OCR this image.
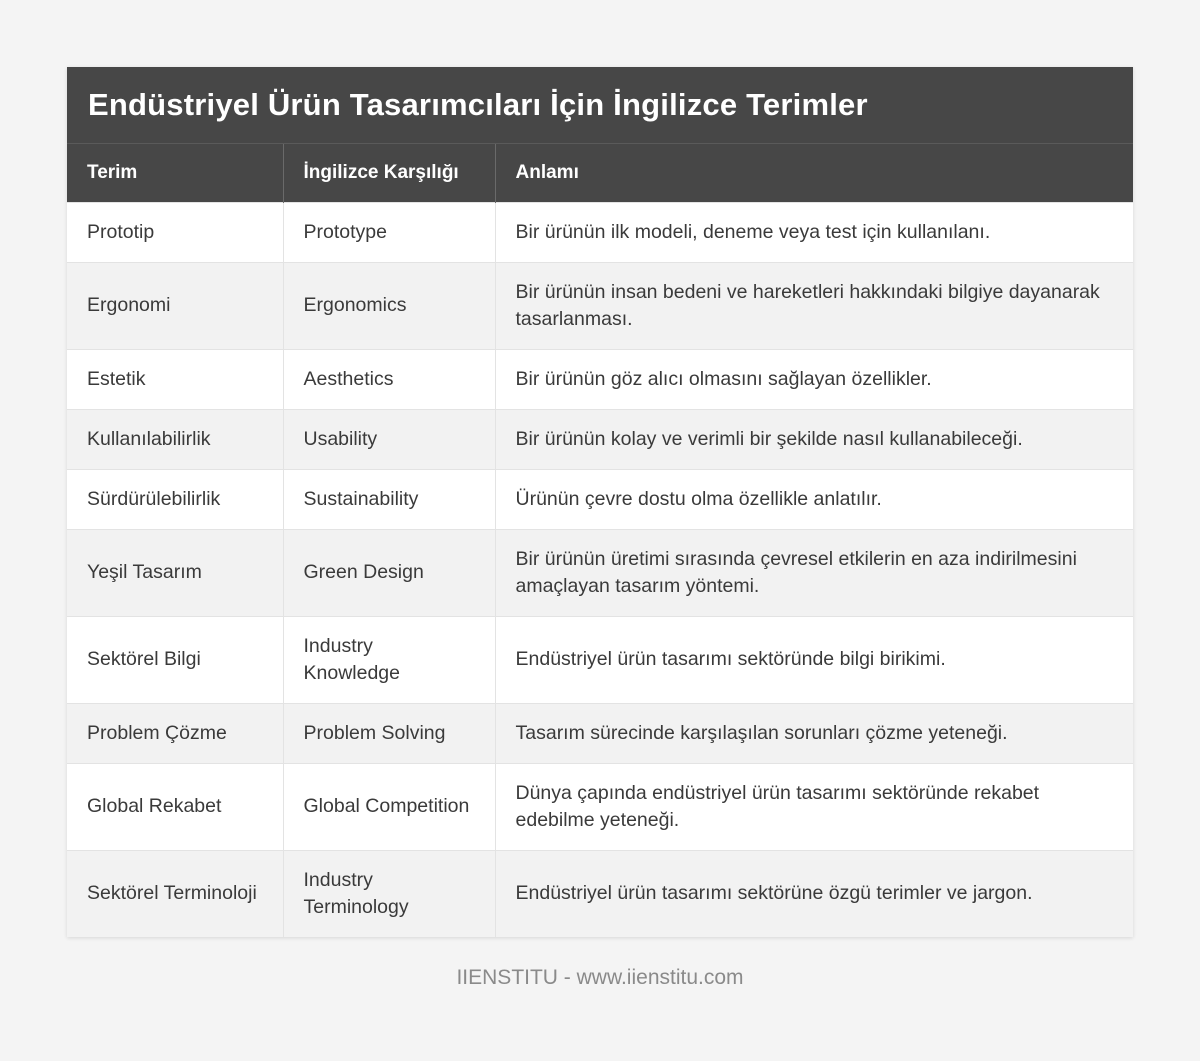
Endüstriyel Ürün Tasarımcıları İçin İngilizce Terimler
Terim	İngilizce Karşılığı	Anlamı
Prototip	Prototype	Bir ürünün ilk modeli, deneme veya test için kullanılanı.
Ergonomi	Ergonomics	Bir ürünün insan bedeni ve hareketleri hakkındaki bilgiye dayanarak tasarlanması.
Estetik	Aesthetics	Bir ürünün göz alıcı olmasını sağlayan özellikler.
Kullanılabilirlik	Usability	Bir ürünün kolay ve verimli bir şekilde nasıl kullanabileceği.
Sürdürülebilirlik	Sustainability	Ürünün çevre dostu olma özellikle anlatılır.
Yeşil Tasarım	Green Design	Bir ürünün üretimi sırasında çevresel etkilerin en aza indirilmesini amaçlayan tasarım yöntemi.
Sektörel Bilgi	Industry Knowledge	Endüstriyel ürün tasarımı sektöründe bilgi birikimi.
Problem Çözme	Problem Solving	Tasarım sürecinde karşılaşılan sorunları çözme yeteneği.
Global Rekabet	Global Competition	Dünya çapında endüstriyel ürün tasarımı sektöründe rekabet edebilme yeteneği.
Sektörel Terminoloji	Industry Terminology	Endüstriyel ürün tasarımı sektörüne özgü terimler ve jargon.
IIENSTITU - www.iienstitu.com
